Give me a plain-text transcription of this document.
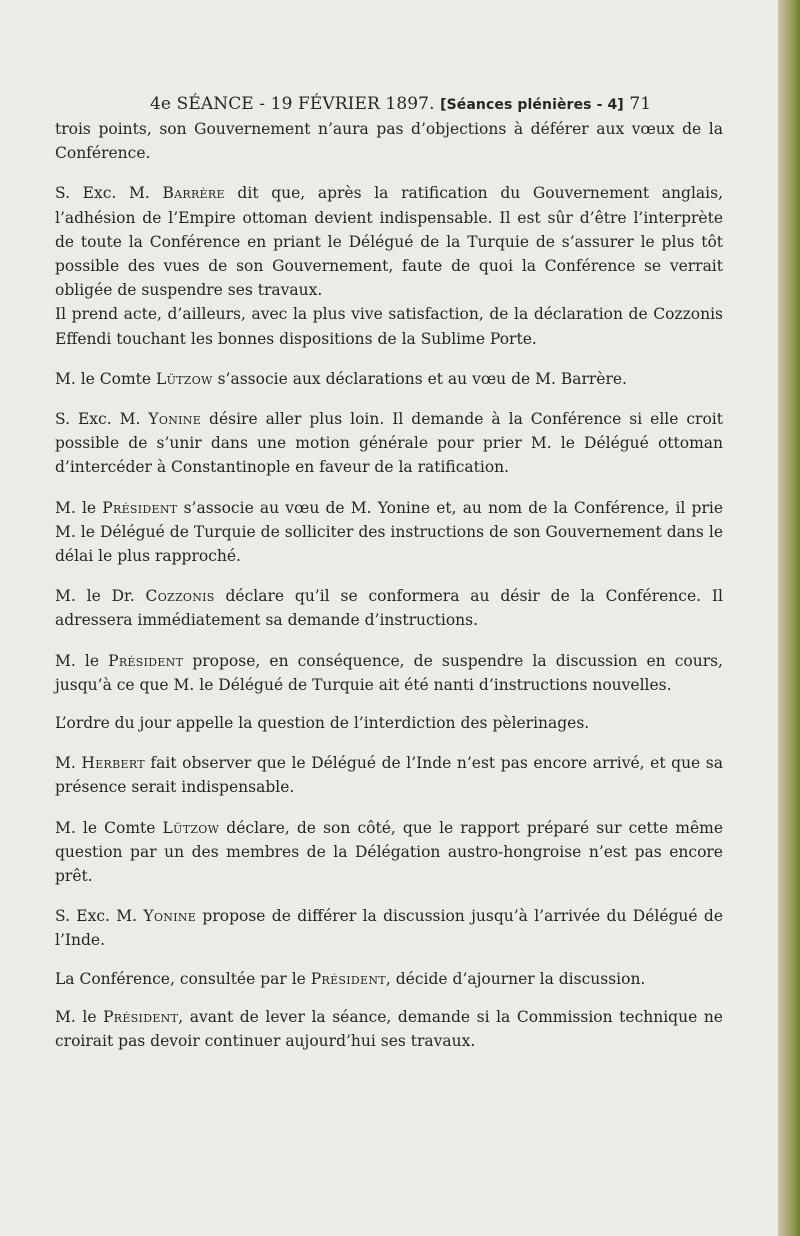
4e SÉANCE - 19 FÉVRIER 1897. [Séances plénières - 4] 71

trois points, son Gouvernement n’aura pas d’objections à déférer aux vœux de la Conférence.

S. Exc. M. Barrère dit que, après la ratification du Gouvernement anglais, l’adhésion de l’Empire ottoman devient indispensable. Il est sûr d’être l’interprète de toute la Conférence en priant le Délégué de la Turquie de s’assurer le plus tôt possible des vues de son Gouvernement, faute de quoi la Conférence se verrait obligée de suspendre ses travaux.

Il prend acte, d’ailleurs, avec la plus vive satisfaction, de la déclaration de Cozzonis Effendi touchant les bonnes dispositions de la Sublime Porte.

M. le Comte Lützow s’associe aux déclarations et au vœu de M. Barrère.

S. Exc. M. Yonine désire aller plus loin. Il demande à la Conférence si elle croit possible de s’unir dans une motion générale pour prier M. le Délégué ottoman d’intercéder à Constantinople en faveur de la ratification.

M. le Président s’associe au vœu de M. Yonine et, au nom de la Conférence, il prie M. le Délégué de Turquie de solliciter des instructions de son Gouvernement dans le délai le plus rapproché.

M. le Dr. Cozzonis déclare qu’il se conformera au désir de la Conférence. Il adressera immédiatement sa demande d’instructions.

M. le Président propose, en conséquence, de suspendre la discussion en cours, jusqu’à ce que M. le Délégué de Turquie ait été nanti d’instructions nouvelles.

L’ordre du jour appelle la question de l’interdiction des pèlerinages.

M. Herbert fait observer que le Délégué de l’Inde n’est pas encore arrivé, et que sa présence serait indispensable.

M. le Comte Lützow déclare, de son côté, que le rapport préparé sur cette même question par un des membres de la Délégation austro-hongroise n’est pas encore prêt.

S. Exc. M. Yonine propose de différer la discussion jusqu’à l’arrivée du Délégué de l’Inde.

La Conférence, consultée par le Président, décide d’ajourner la discussion.

M. le Président, avant de lever la séance, demande si la Commission technique ne croirait pas devoir continuer aujourd’hui ses travaux.
